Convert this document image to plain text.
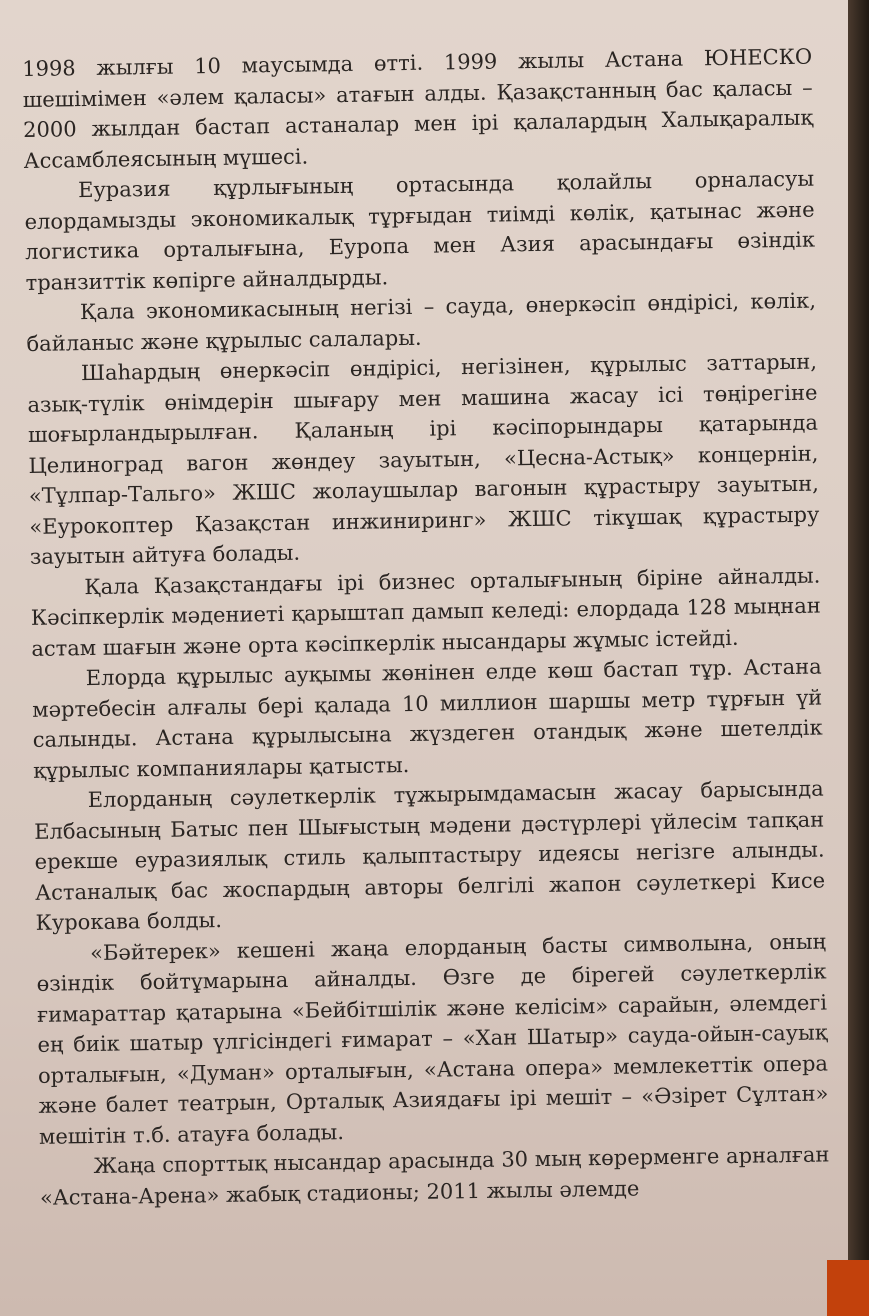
1998 жылғы 10 маусымда өтті. 1999 жылы Астана ЮНЕСКО шешімімен «әлем қаласы» атағын алды. Қазақстанның бас қаласы – 2000 жылдан бастап астаналар мен ірі қалалардың Халықаралық Ассамблеясының мүшесі.

Еуразия құрлығының ортасында қолайлы орналасуы елордамызды экономикалық тұрғыдан тиімді көлік, қатынас және логистика орталығына, Еуропа мен Азия арасындағы өзіндік транзиттік көпірге айналдырды.

Қала экономикасының негізі – сауда, өнеркәсіп өндірісі, көлік, байланыс және құрылыс салалары.

Шаһардың өнеркәсіп өндірісі, негізінен, құрылыс заттарын, азық-түлік өнімдерін шығару мен машина жасау ісі төңірегіне шоғырландырылған. Қаланың ірі кәсіпорындары қатарында Целиноград вагон жөндеу зауытын, «Цесна-Астық» концернін, «Тұлпар-Тальго» ЖШС жолаушылар вагонын құрастыру зауытын, «Еурокоптер Қазақстан инжиниринг» ЖШС тікұшақ құрастыру зауытын айтуға болады.

Қала Қазақстандағы ірі бизнес орталығының біріне айналды. Кәсіпкерлік мәдениеті қарыштап дамып келеді: елордада 128 мыңнан астам шағын және орта кәсіпкерлік нысандары жұмыс істейді.

Елорда құрылыс ауқымы жөнінен елде көш бастап тұр. Астана мәртебесін алғалы бері қалада 10 миллион шаршы метр тұрғын үй салынды. Астана құрылысына жүздеген отандық және шетелдік құрылыс компаниялары қатысты.

Елорданың сәулеткерлік тұжырымдамасын жасау барысында Елбасының Батыс пен Шығыстың мәдени дәстүрлері үйлесім тапқан ерекше еуразиялық стиль қалыптастыру идеясы негізге алынды. Астаналық бас жоспардың авторы белгілі жапон сәулеткері Кисе Курокава болды.

«Бәйтерек» кешені жаңа елорданың басты символына, оның өзіндік бойтұмарына айналды. Өзге де бірегей сәулеткерлік ғимараттар қатарына «Бейбітшілік және келісім» сарайын, әлемдегі ең биік шатыр үлгісіндегі ғимарат – «Хан Шатыр» сауда-ойын-сауық орталығын, «Думан» орталығын, «Астана опера» мемлекеттік опера және балет театрын, Орталық Азиядағы ірі мешіт – «Әзірет Сұлтан» мешітін т.б. атауға болады.

Жаңа спорттық нысандар арасында 30 мың көрерменге арналған «Астана-Арена» жабық стадионы; 2011 жылы әлемде
